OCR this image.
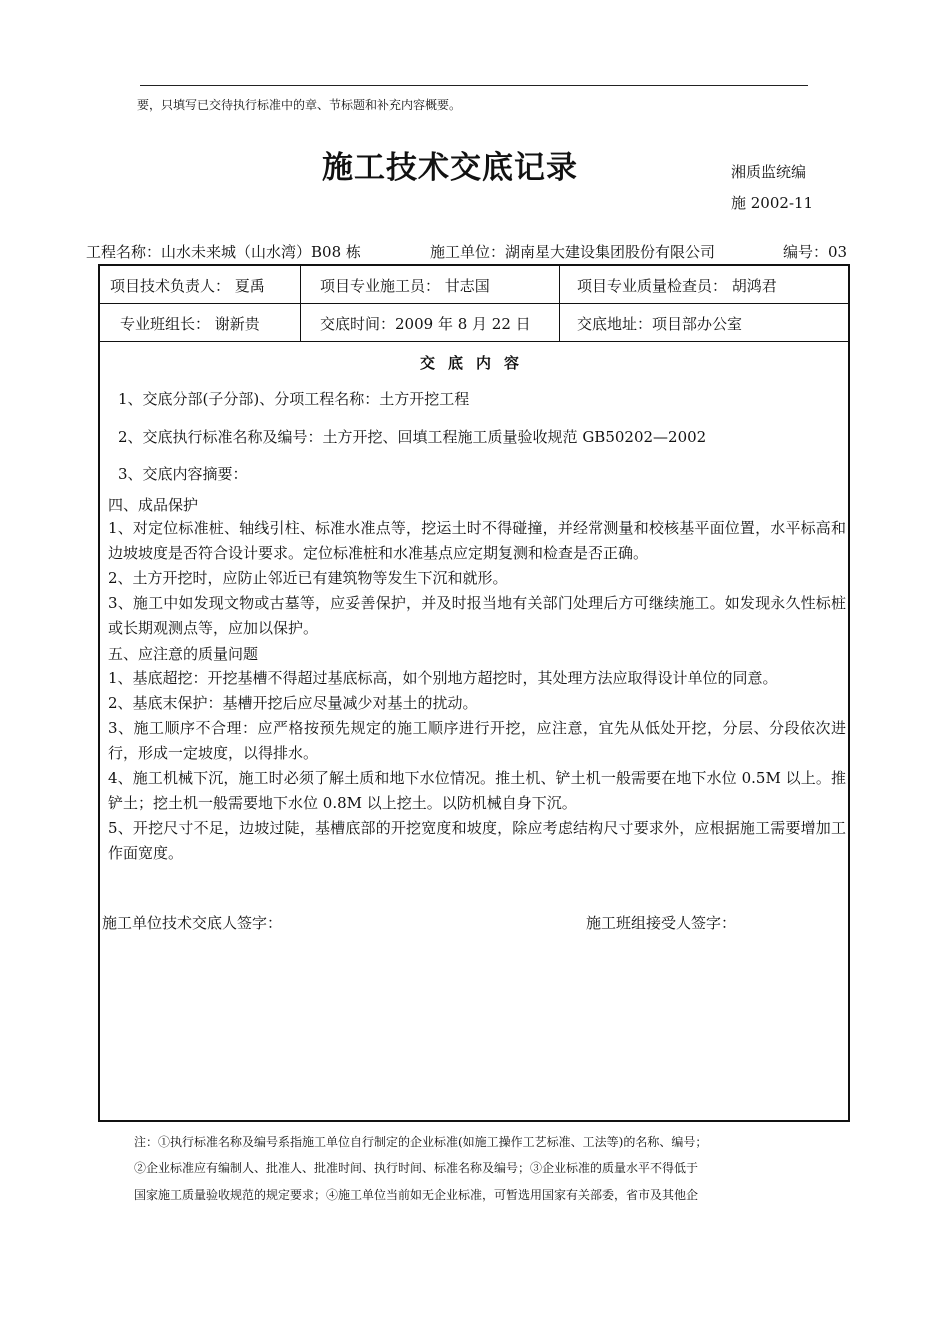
要，只填写已交待执行标准中的章、节标题和补充内容概要。
施工技术交底记录	湘质监统编
施 2002-11
工程名称：山水未来城（山水湾）B08 栋	施工单位：湖南星大建设集团股份有限公司	编号：03
项目技术负责人： 夏禹	项目专业施工员： 甘志国	项目专业质量检查员： 胡鸿君
专业班组长： 谢新贵	交底时间：2009 年 8 月 22 日	交底地址：项目部办公室
交底内容
1、交底分部(子分部)、分项工程名称：土方开挖工程
2、交底执行标准名称及编号：土方开挖、回填工程施工质量验收规范 GB50202—2002
3、交底内容摘要：
四、成品保护
1、对定位标准桩、轴线引柱、标准水准点等，挖运土时不得碰撞，并经常测量和校核基平面位置，水平标高和边坡坡度是否符合设计要求。定位标准桩和水准基点应定期复测和检查是否正确。
2、土方开挖时，应防止邻近已有建筑物等发生下沉和就形。
3、施工中如发现文物或古墓等，应妥善保护，并及时报当地有关部门处理后方可继续施工。如发现永久性标桩或长期观测点等，应加以保护。
五、应注意的质量问题
1、基底超挖：开挖基槽不得超过基底标高，如个别地方超挖时，其处理方法应取得设计单位的同意。
2、基底末保护：基槽开挖后应尽量减少对基土的扰动。
3、施工顺序不合理：应严格按预先规定的施工顺序进行开挖，应注意，宜先从低处开挖，分层、分段依次进行，形成一定坡度，以得排水。
4、施工机械下沉，施工时必须了解土质和地下水位情况。推土机、铲土机一般需要在地下水位 0.5M 以上。推铲土；挖土机一般需要地下水位 0.8M 以上挖土。以防机械自身下沉。
5、开挖尺寸不足，边坡过陡，基槽底部的开挖宽度和坡度，除应考虑结构尺寸要求外，应根据施工需要增加工作面宽度。
施工单位技术交底人签字：	施工班组接受人签字：
注：①执行标准名称及编号系指施工单位自行制定的企业标准(如施工操作工艺标准、工法等)的名称、编号；
②企业标准应有编制人、批准人、批准时间、执行时间、标准名称及编号；③企业标准的质量水平不得低于
国家施工质量验收规范的规定要求；④施工单位当前如无企业标准，可暂选用国家有关部委，省市及其他企
